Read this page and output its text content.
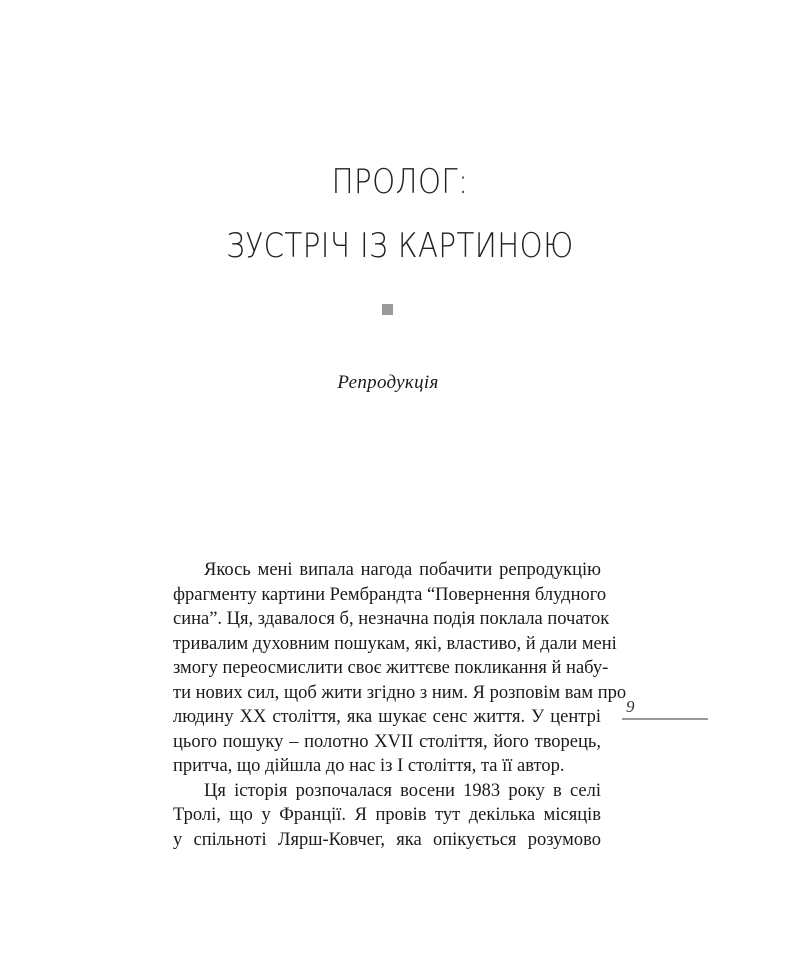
ПРОЛОГ:
ЗУСТРІЧ ІЗ КАРТИНОЮ
Репродукція
Якось мені випала нагода побачити репродукцію
фрагменту картини Рембрандта “Повернення блудного
сина”. Ця, здавалося б, незначна подія поклала початок
тривалим духовним пошукам, які, властиво, й дали мені
змогу переосмислити своє життєве покликання й набу-
ти нових сил, щоб жити згідно з ним. Я розповім вам про
людину XX століття, яка шукає сенс життя. У центрі
цього пошуку – полотно XVII століття, його творець,
притча, що дійшла до нас із I століття, та її автор.
Ця історія розпочалася восени 1983 року в селі
Тролі, що у Франції. Я провів тут декілька місяців
у спільноті Лярш-Ковчег, яка опікується розумово
9
